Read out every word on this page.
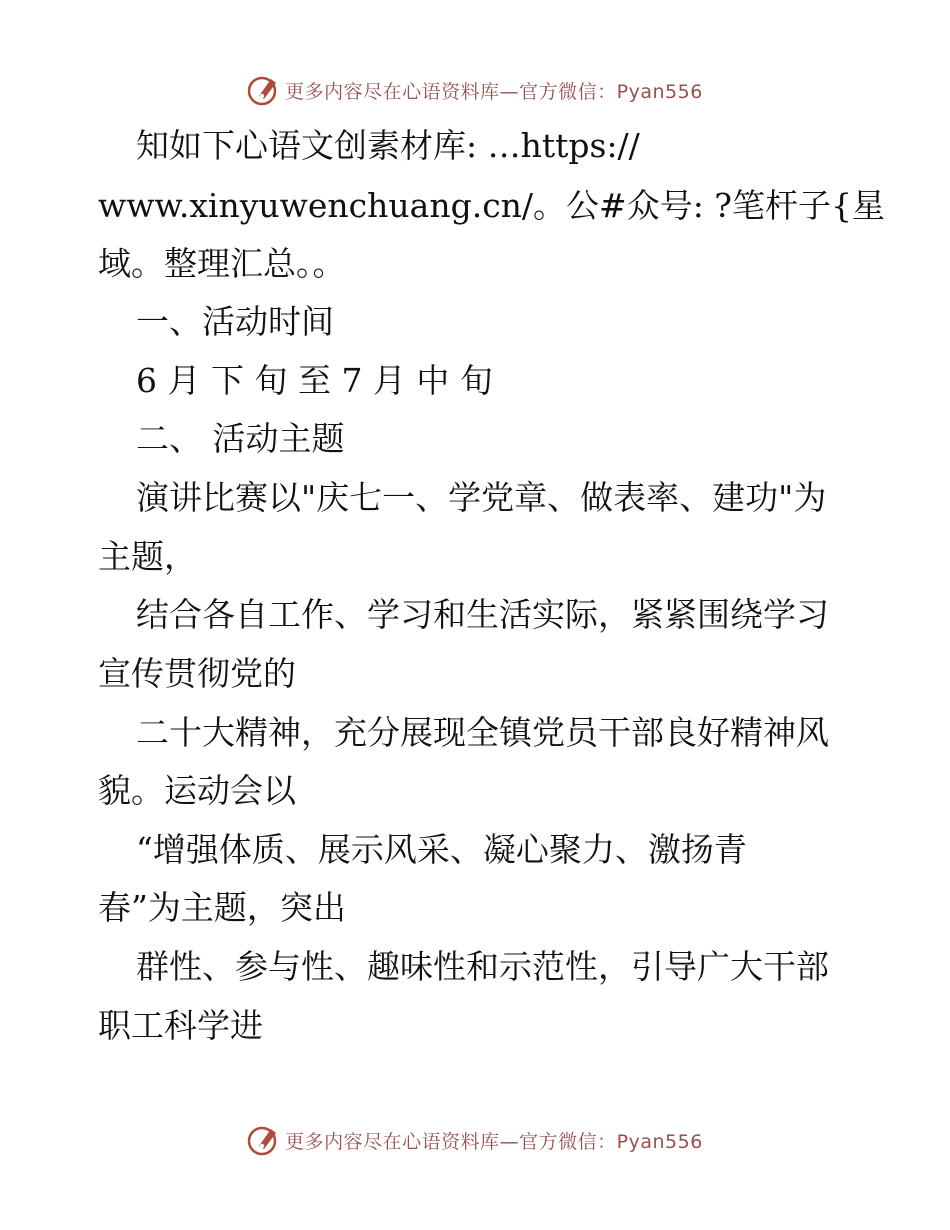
更多内容尽在心语资料库—官方微信：Pyan556
知如下心语文创素材库: …https://
www.xinyuwenchuang.cn/。公#众号: ?笔杆子{星
域。整理汇总。。
一、活动时间
6 月 下 旬 至 7 月 中 旬
二、 活动主题
演讲比赛以"庆七一、学党章、做表率、建功"为
主题，
结合各自工作、学习和生活实际，紧紧围绕学习
宣传贯彻党的
二十大精神，充分展现全镇党员干部良好精神风
貌。运动会以
“增强体质、展示风采、凝心聚力、激扬青
春”为主题，突出
群性、参与性、趣味性和示范性，引导广大干部
职工科学进
更多内容尽在心语资料库—官方微信：Pyan556
